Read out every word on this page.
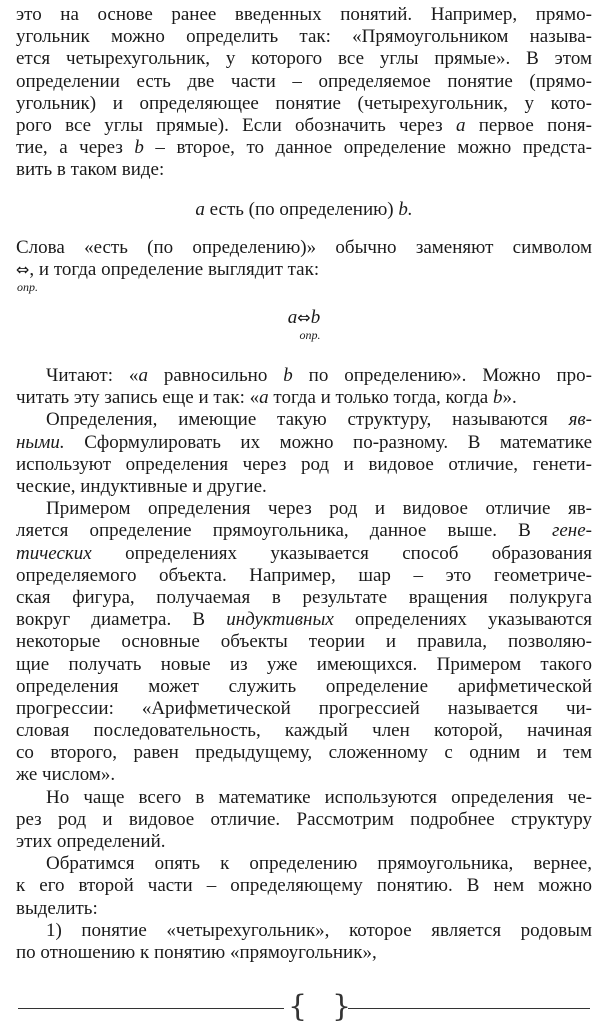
это на основе ранее введенных понятий. Например, прямо-
угольник можно определить так: «Прямоугольником называ-
ется четырехугольник, у которого все углы прямые». В этом
определении есть две части – определяемое понятие (прямо-
угольник) и определяющее понятие (четырехугольник, у кото-
рого все углы прямые). Если обозначить через a первое поня-
тие, а через b – второе, то данное определение можно предста-
вить в таком виде:
a есть (по определению) b.
Слова «есть (по определению)» обычно заменяют символом
⇔, и тогда определение выглядит так:
опр.
a⇔b
опр.
Читают: «a равносильно b по определению». Можно про-
читать эту запись еще и так: «a тогда и только тогда, когда b».
Определения, имеющие такую структуру, называются яв-
ными. Сформулировать их можно по-разному. В математике
используют определения через род и видовое отличие, генети-
ческие, индуктивные и другие.
Примером определения через род и видовое отличие яв-
ляется определение прямоугольника, данное выше. В гене-
тических определениях указывается способ образования
определяемого объекта. Например, шар – это геометриче-
ская фигура, получаемая в результате вращения полукруга
вокруг диаметра. В индуктивных определениях указываются
некоторые основные объекты теории и правила, позволяю-
щие получать новые из уже имеющихся. Примером такого
определения может служить определение арифметической
прогрессии: «Арифметической прогрессией называется чи-
словая последовательность, каждый член которой, начиная
со второго, равен предыдущему, сложенному с одним и тем
же числом».
Но чаще всего в математике используются определения че-
рез род и видовое отличие. Рассмотрим подробнее структуру
этих определений.
Обратимся опять к определению прямоугольника, вернее,
к его второй части – определяющему понятию. В нем можно
выделить:
1) понятие «четырехугольник», которое является родовым
по отношению к понятию «прямоугольник»,
{ }
